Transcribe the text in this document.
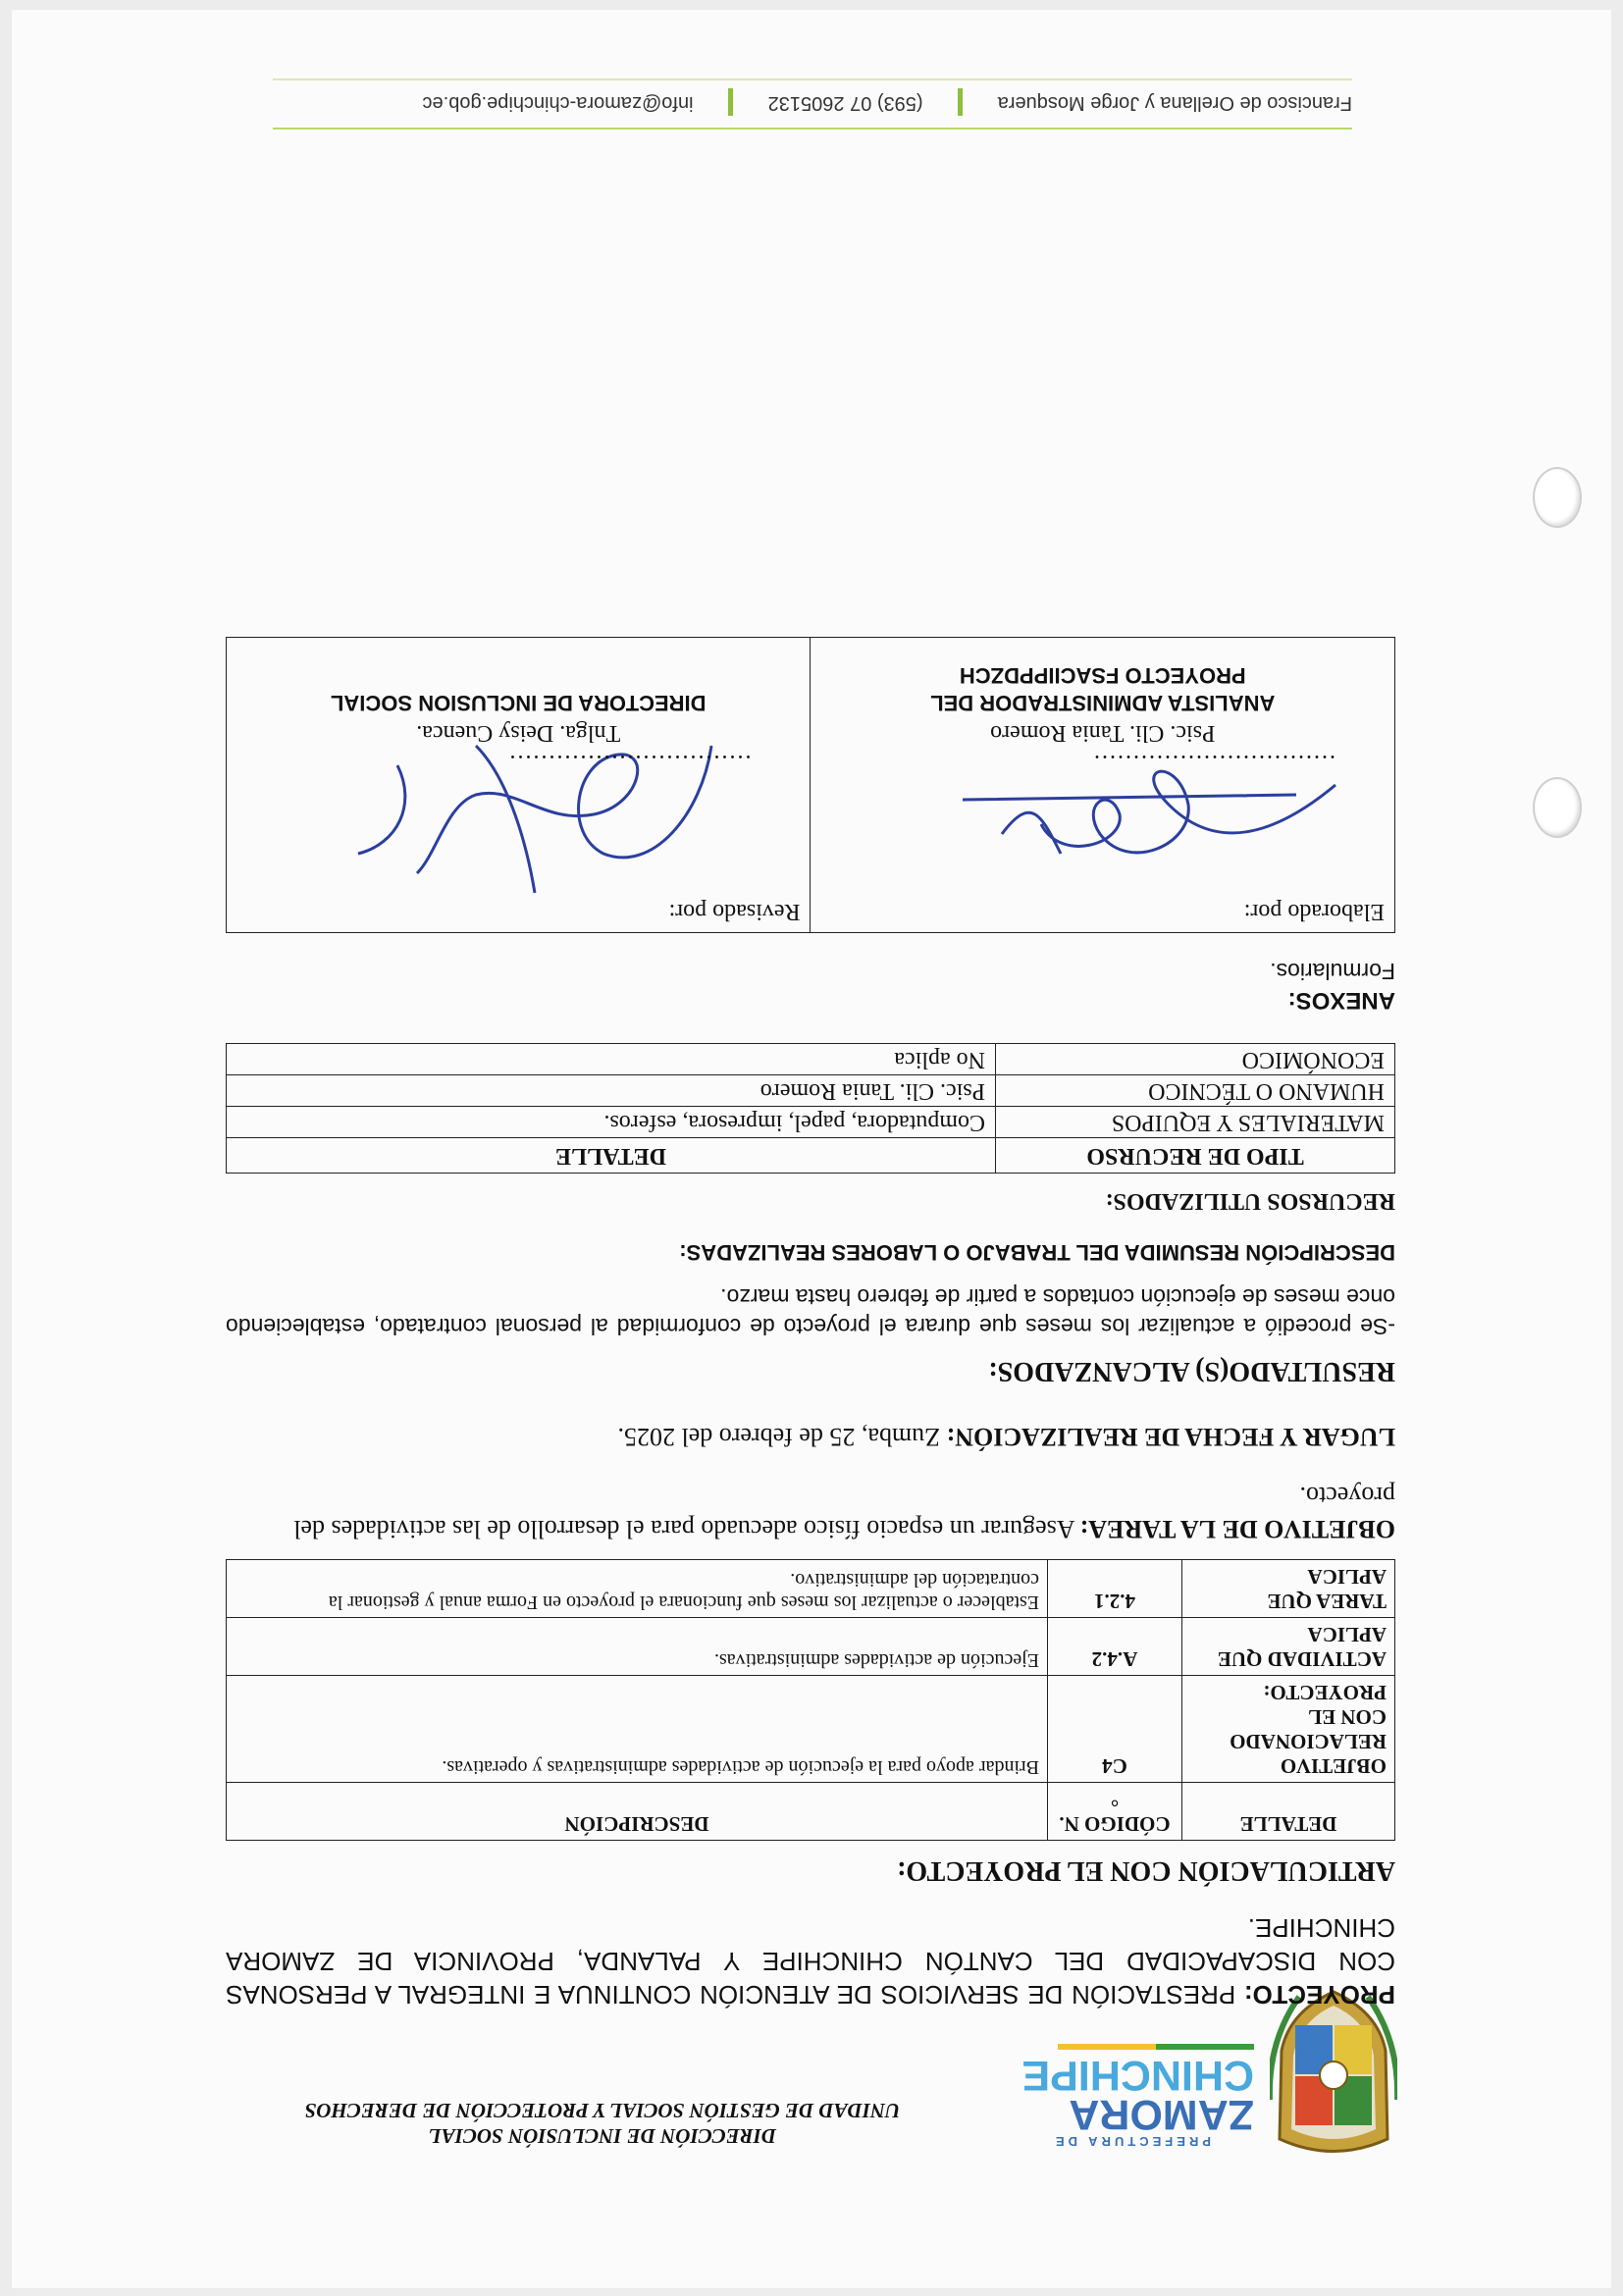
PREFECTURA DE
ZAMORA
CHINCHIPE
DIRECCIÓN DE INCLUSIÓN SOCIAL
UNIDAD DE GESTIÓN SOCIAL Y PROTECCIÓN DE DERECHOS

PROYECTO: PRESTACIÓN DE SERVICIOS DE ATENCIÓN CONTINUA E INTEGRAL A PERSONAS CON DISCAPACIDAD DEL CANTÓN CHINCHIPE Y PALANDA, PROVINCIA DE ZAMORA CHINCHIPE.

ARTICULACIÓN CON EL PROYECTO:
DETALLE	CÓDIGO N.°	DESCRIPCIÓN
OBJETIVO RELACIONADO CON EL PROYECTO:	C4	Brindar apoyo para la ejecución de actividades administrativas y operativas.
ACTIVIDAD QUE APLICA	A.4.2	Ejecución de actividades administrativas.
TAREA QUE APLICA	4.2.1	Establecer o actualizar los meses que funcionara el proyecto en Forma anual y gestionar la contratación del administrativo.
OBJETIVO DE LA TAREA: Asegurar un espacio físico adecuado para el desarrollo de las actividades del proyecto.
LUGAR Y FECHA DE REALIZACIÓN: Zumba, 25 de febrero del 2025.
RESULTADO(S) ALCANZADOS:
-Se procedió a actualizar los meses que durara el proyecto de conformidad al personal contratado, estableciendo once meses de ejecución contados a partir de febrero hasta marzo.
DESCRIPCIÓN RESUMIDA DEL TRABAJO O LABORES REALIZADAS:
RECURSOS UTILIZADOS:
TIPO DE RECURSO	DETALLE
MATERIALES Y EQUIPOS	Computadora, papel, impresora, esferos.
HUMANO O TÉCNICO	Psic. Cli. Tania Romero
ECONÓMICO	No aplica
ANEXOS:
Formularios.
Elaborado por:
...............................
Psic. Cli. Tania Romero
ANALISTA ADMINISTRADOR DEL
PROYECTO FSACIIPPDZCH

Revisado por:
...............................
Tnlga. Deisy Cuenca.
DIRECTORA DE INCLUSION SOCIAL
Francisco de Orellana y Jorge Mosquera  (593) 07 2605132  info@zamora-chinchipe.gob.ec
